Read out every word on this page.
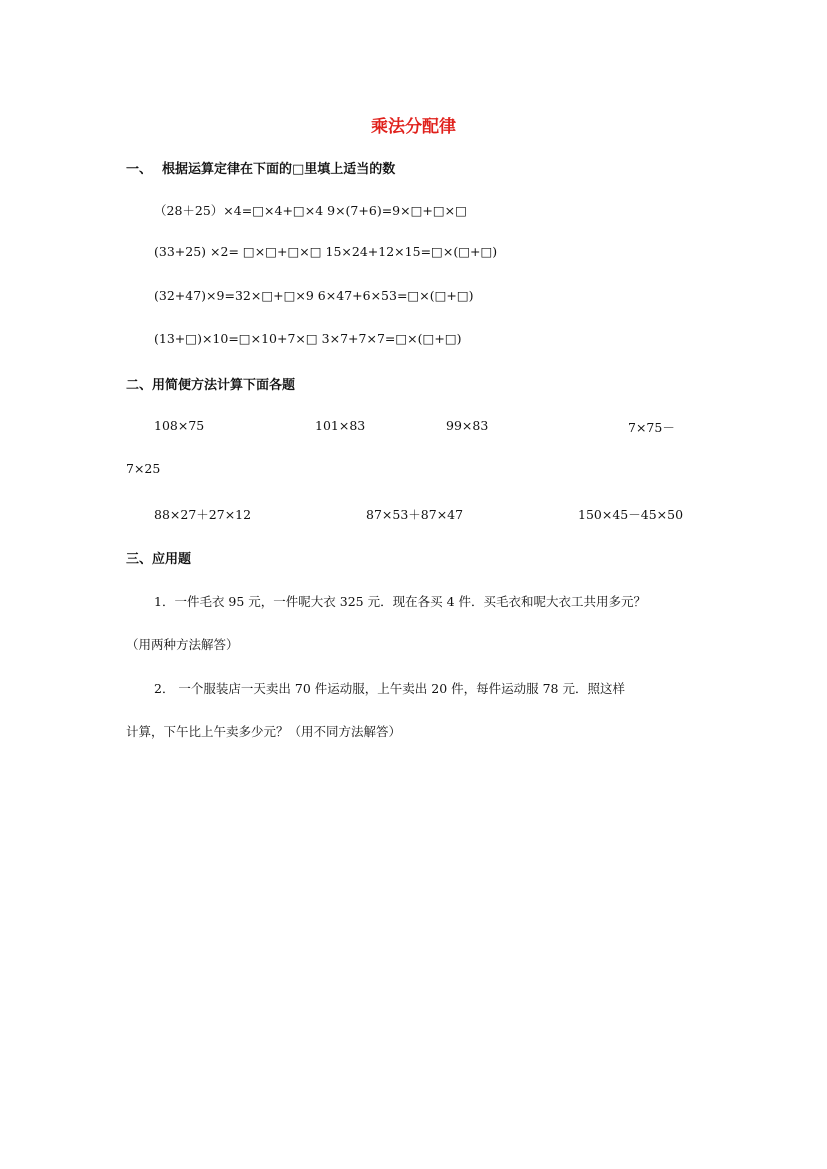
乘法分配律
一、 根据运算定律在下面的□里填上适当的数
（28＋25）×4=□×4+□×4 9×(7+6)=9×□+□×□
(33+25) ×2= □×□+□×□ 15×24+12×15=□×(□+□)
(32+47)×9=32×□+□×9 6×47+6×53=□×(□+□)
(13+□)×10=□×10+7×□ 3×7+7×7=□×(□+□)
二、用简便方法计算下面各题
108×75	101×83	99×83	7×75－
7×25
88×27＋27×12	87×53＋87×47	150×45－45×50
三、应用题
1．一件毛衣 95 元，一件呢大衣 325 元．现在各买 4 件．买毛衣和呢大衣工共用多元？
（用两种方法解答）
2． 一个服装店一天卖出 70 件运动服，上午卖出 20 件，每件运动服 78 元．照这样
计算，下午比上午卖多少元？（用不同方法解答）
